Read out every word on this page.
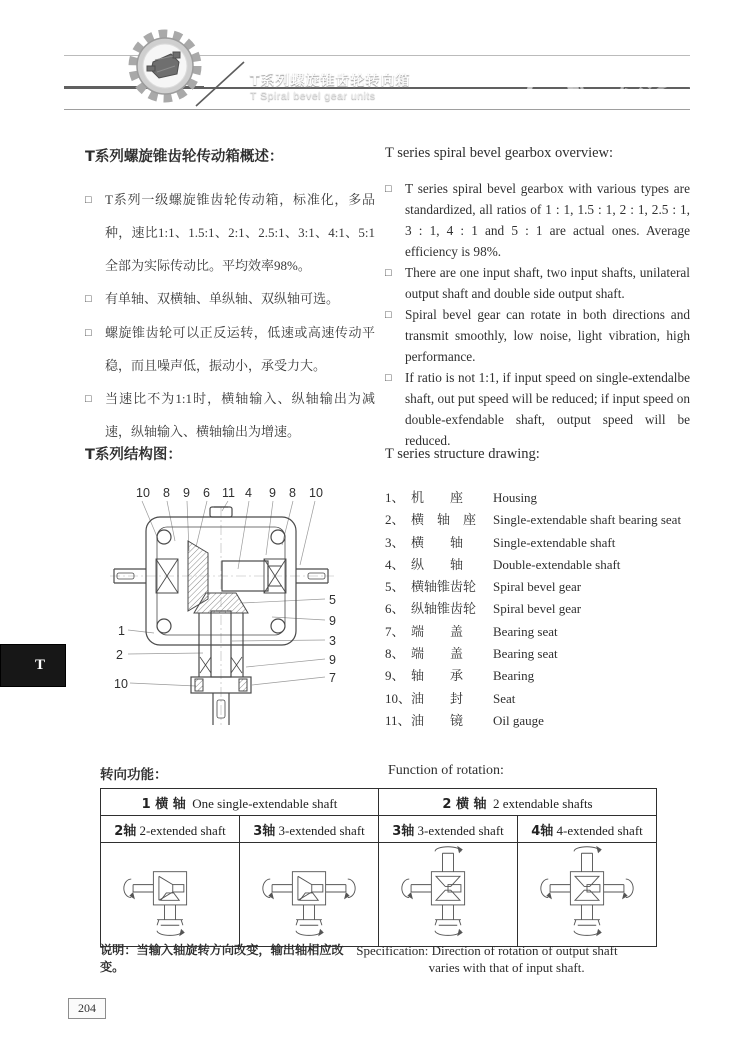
T系列螺旋锥齿轮转向箱
T Spiral bevel gear units
T系列螺旋锥齿轮传动箱概述：
□	T系列一级螺旋锥齿轮传动箱，标准化，多品种，速比1:1、1.5:1、2:1、2.5:1、3:1、4:1、5:1全部为实际传动比。平均效率98%。
□	有单轴、双横轴、单纵轴、双纵轴可选。
□	螺旋锥齿轮可以正反运转，低速或高速传动平稳，而且噪声低，振动小，承受力大。
□	当速比不为1:1时，横轴输入、纵轴输出为减速，纵轴输入、横轴输出为增速。
T series spiral bevel gearbox overview:
□	T series spiral bevel gearbox with various types are standardized, all ratios of 1 : 1, 1.5 : 1, 2 : 1, 2.5 : 1, 3 : 1, 4 : 1 and 5 : 1 are actual ones. Average efficiency is 98%.
□	There are one input shaft, two input shafts, unilateral output shaft and double side output shaft.
□	Spiral bevel gear can rotate in both directions and transmit smoothly, low noise, light vibration, high performance.
□	If ratio is not 1:1, if input speed on single-extendalbe shaft, out put speed will be reduced; if input speed on double-exfendable shaft, output speed will be reduced.
T系列结构图：	T series structure drawing:
10 8 9 6 11 4 9 8 10
1
2
10
5
9
3
9
7
1、 机　　座	Housing
2、 横　轴　座	Single-extendable shaft bearing seat
3、 横　　轴	Single-extendable shaft
4、 纵　　轴	Double-extendable shaft
5、 横轴锥齿轮	Spiral bevel gear
6、 纵轴锥齿轮	Spiral bevel gear
7、 端　　盖	Bearing seat
8、 端　　盖	Bearing seat
9、 轴　　承	Bearing
10、 油　　封	Seat
11、 油　　镜	Oil gauge
转向功能：	Function of rotation:
1 横 轴 One single-extendable shaft		2 横 轴 2 extendable shafts	
2轴 2-extended shaft	3轴 3-extended shaft	3轴 3-extended shaft	4轴 4-extended shaft

说明：当输入轴旋转方向改变，输出轴相应改变。
Specification: Direction of rotation of output shaft
varies with that of input shaft.
T
204
